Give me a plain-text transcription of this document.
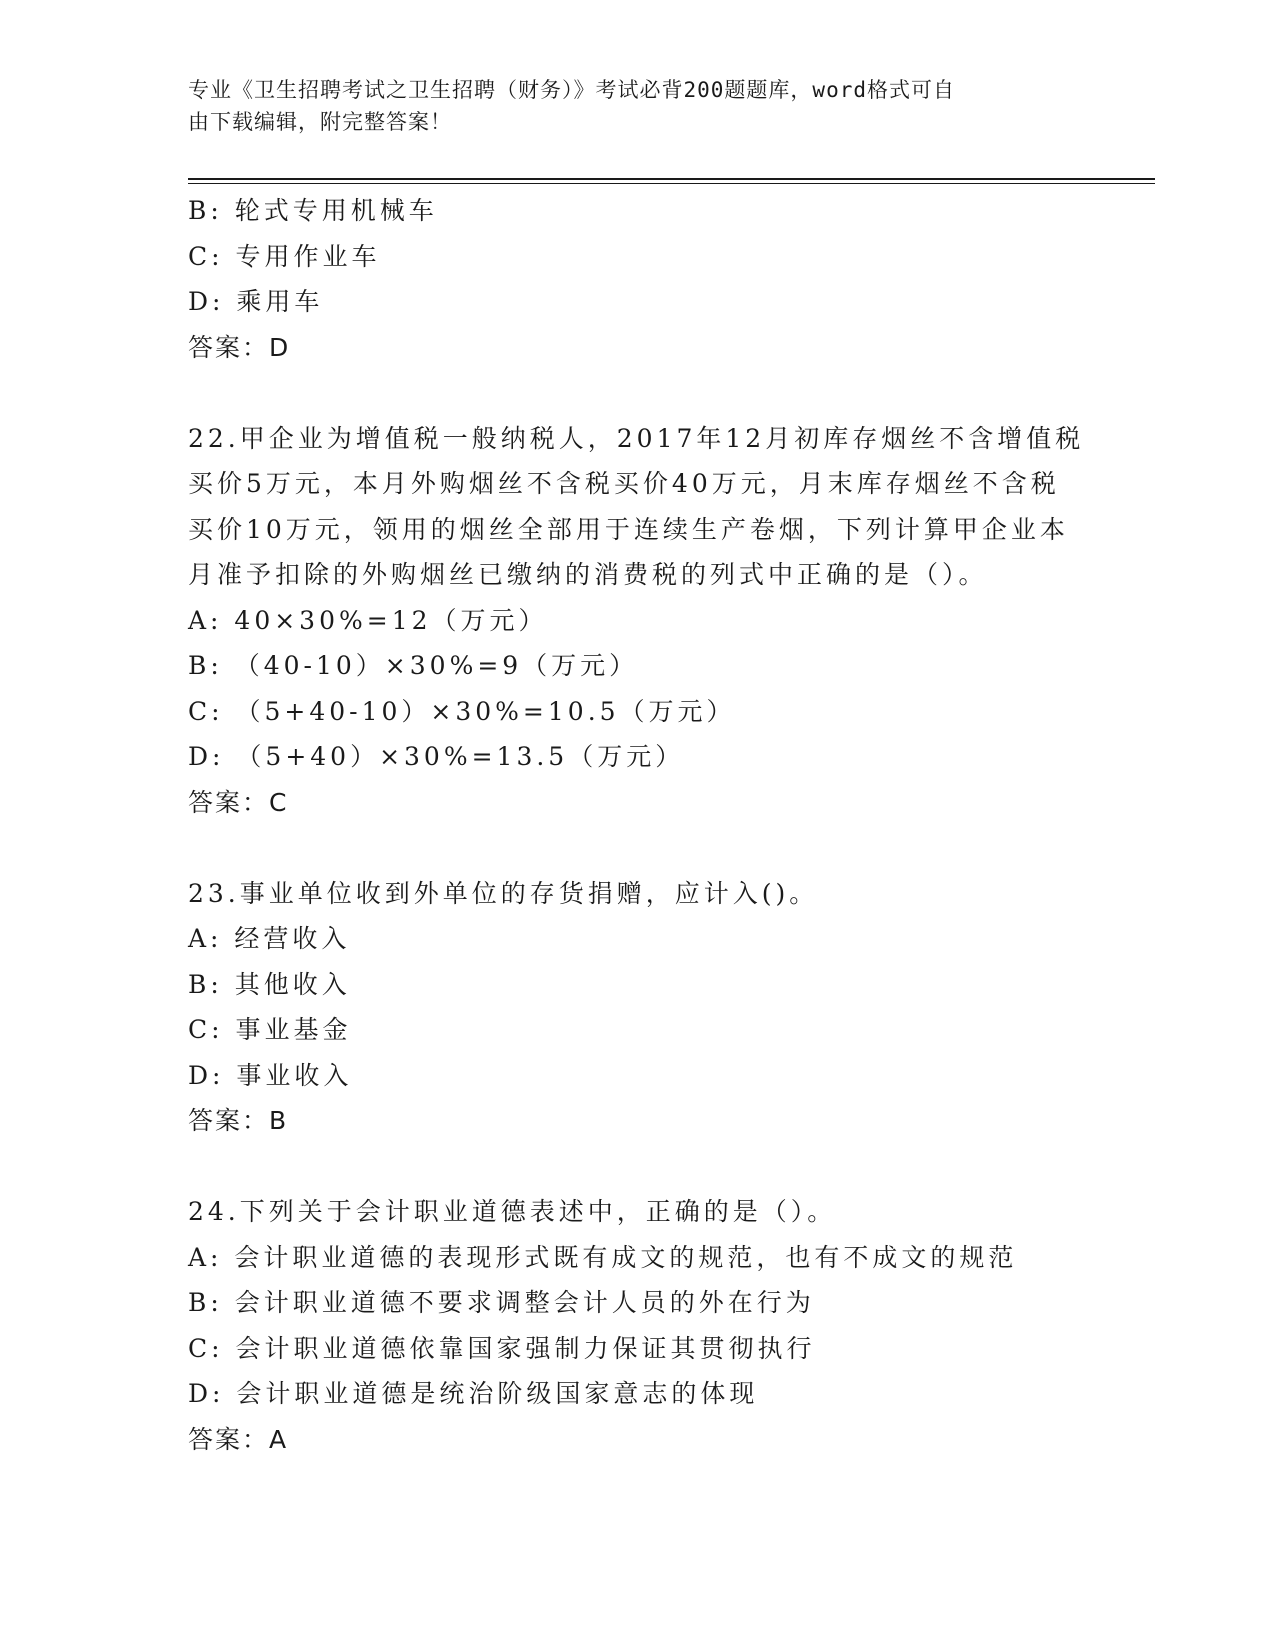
专业《卫生招聘考试之卫生招聘（财务）》考试必背200题题库，word格式可自
由下载编辑，附完整答案！
B: 轮式专用机械车
C: 专用作业车
D: 乘用车
答案：D
22.甲企业为增值税一般纳税人，2017年12月初库存烟丝不含增值税
买价5万元，本月外购烟丝不含税买价40万元，月末库存烟丝不含税
买价10万元，领用的烟丝全部用于连续生产卷烟，下列计算甲企业本
月准予扣除的外购烟丝已缴纳的消费税的列式中正确的是（）。
A: 40×30%=12（万元）
B: （40-10）×30%=9（万元）
C: （5+40-10）×30%=10.5（万元）
D: （5+40）×30%=13.5（万元）
答案：C
23.事业单位收到外单位的存货捐赠，应计入()。
A: 经营收入
B: 其他收入
C: 事业基金
D: 事业收入
答案：B
24.下列关于会计职业道德表述中，正确的是（）。
A: 会计职业道德的表现形式既有成文的规范，也有不成文的规范
B: 会计职业道德不要求调整会计人员的外在行为
C: 会计职业道德依靠国家强制力保证其贯彻执行
D: 会计职业道德是统治阶级国家意志的体现
答案：A
